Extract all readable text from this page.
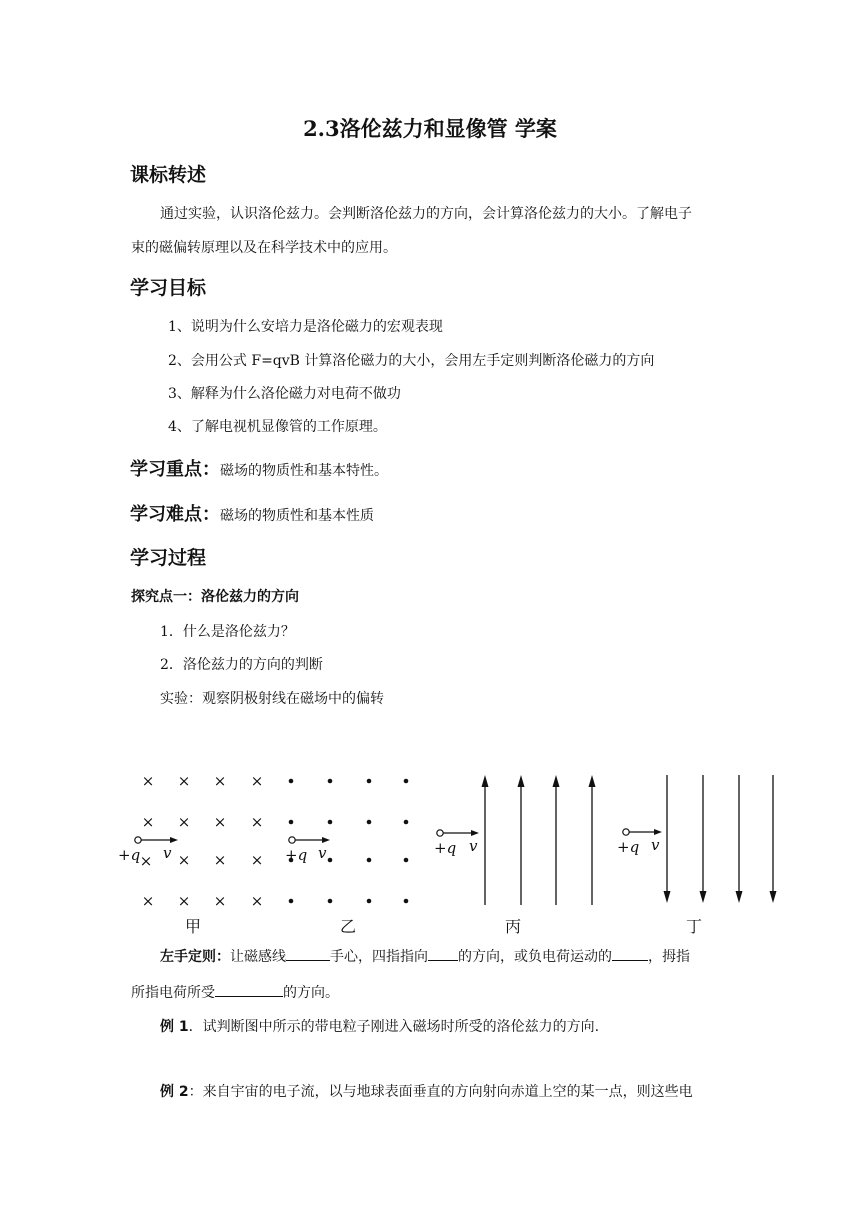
2.3洛伦兹力和显像管 学案
课标转述
通过实验，认识洛伦兹力。会判断洛伦兹力的方向，会计算洛伦兹力的大小。了解电子
束的磁偏转原理以及在科学技术中的应用。
学习目标
1、说明为什么安培力是洛伦磁力的宏观表现
2、会用公式 F=qvB 计算洛伦磁力的大小，会用左手定则判断洛伦磁力的方向
3、解释为什么洛伦磁力对电荷不做功
4、了解电视机显像管的工作原理。
学习重点：磁场的物质性和基本特性。
学习难点：磁场的物质性和基本性质
学习过程
探究点一：洛伦兹力的方向
1．什么是洛伦兹力？
2．洛伦兹力的方向的判断
实验：观察阴极射线在磁场中的偏转
× × × ×
× × × ×
× × ×
× × × ×
×
+q v	+q v	+q v	+q v
甲	乙	丙	丁
左手定则：让磁感线	手心，四指指向 的方向，或负电荷运动的	，拇指
所指电荷所受	的方向。
例 1．试判断图中所示的带电粒子刚进入磁场时所受的洛伦兹力的方向.
例 2：来自宇宙的电子流，以与地球表面垂直的方向射向赤道上空的某一点，则这些电
